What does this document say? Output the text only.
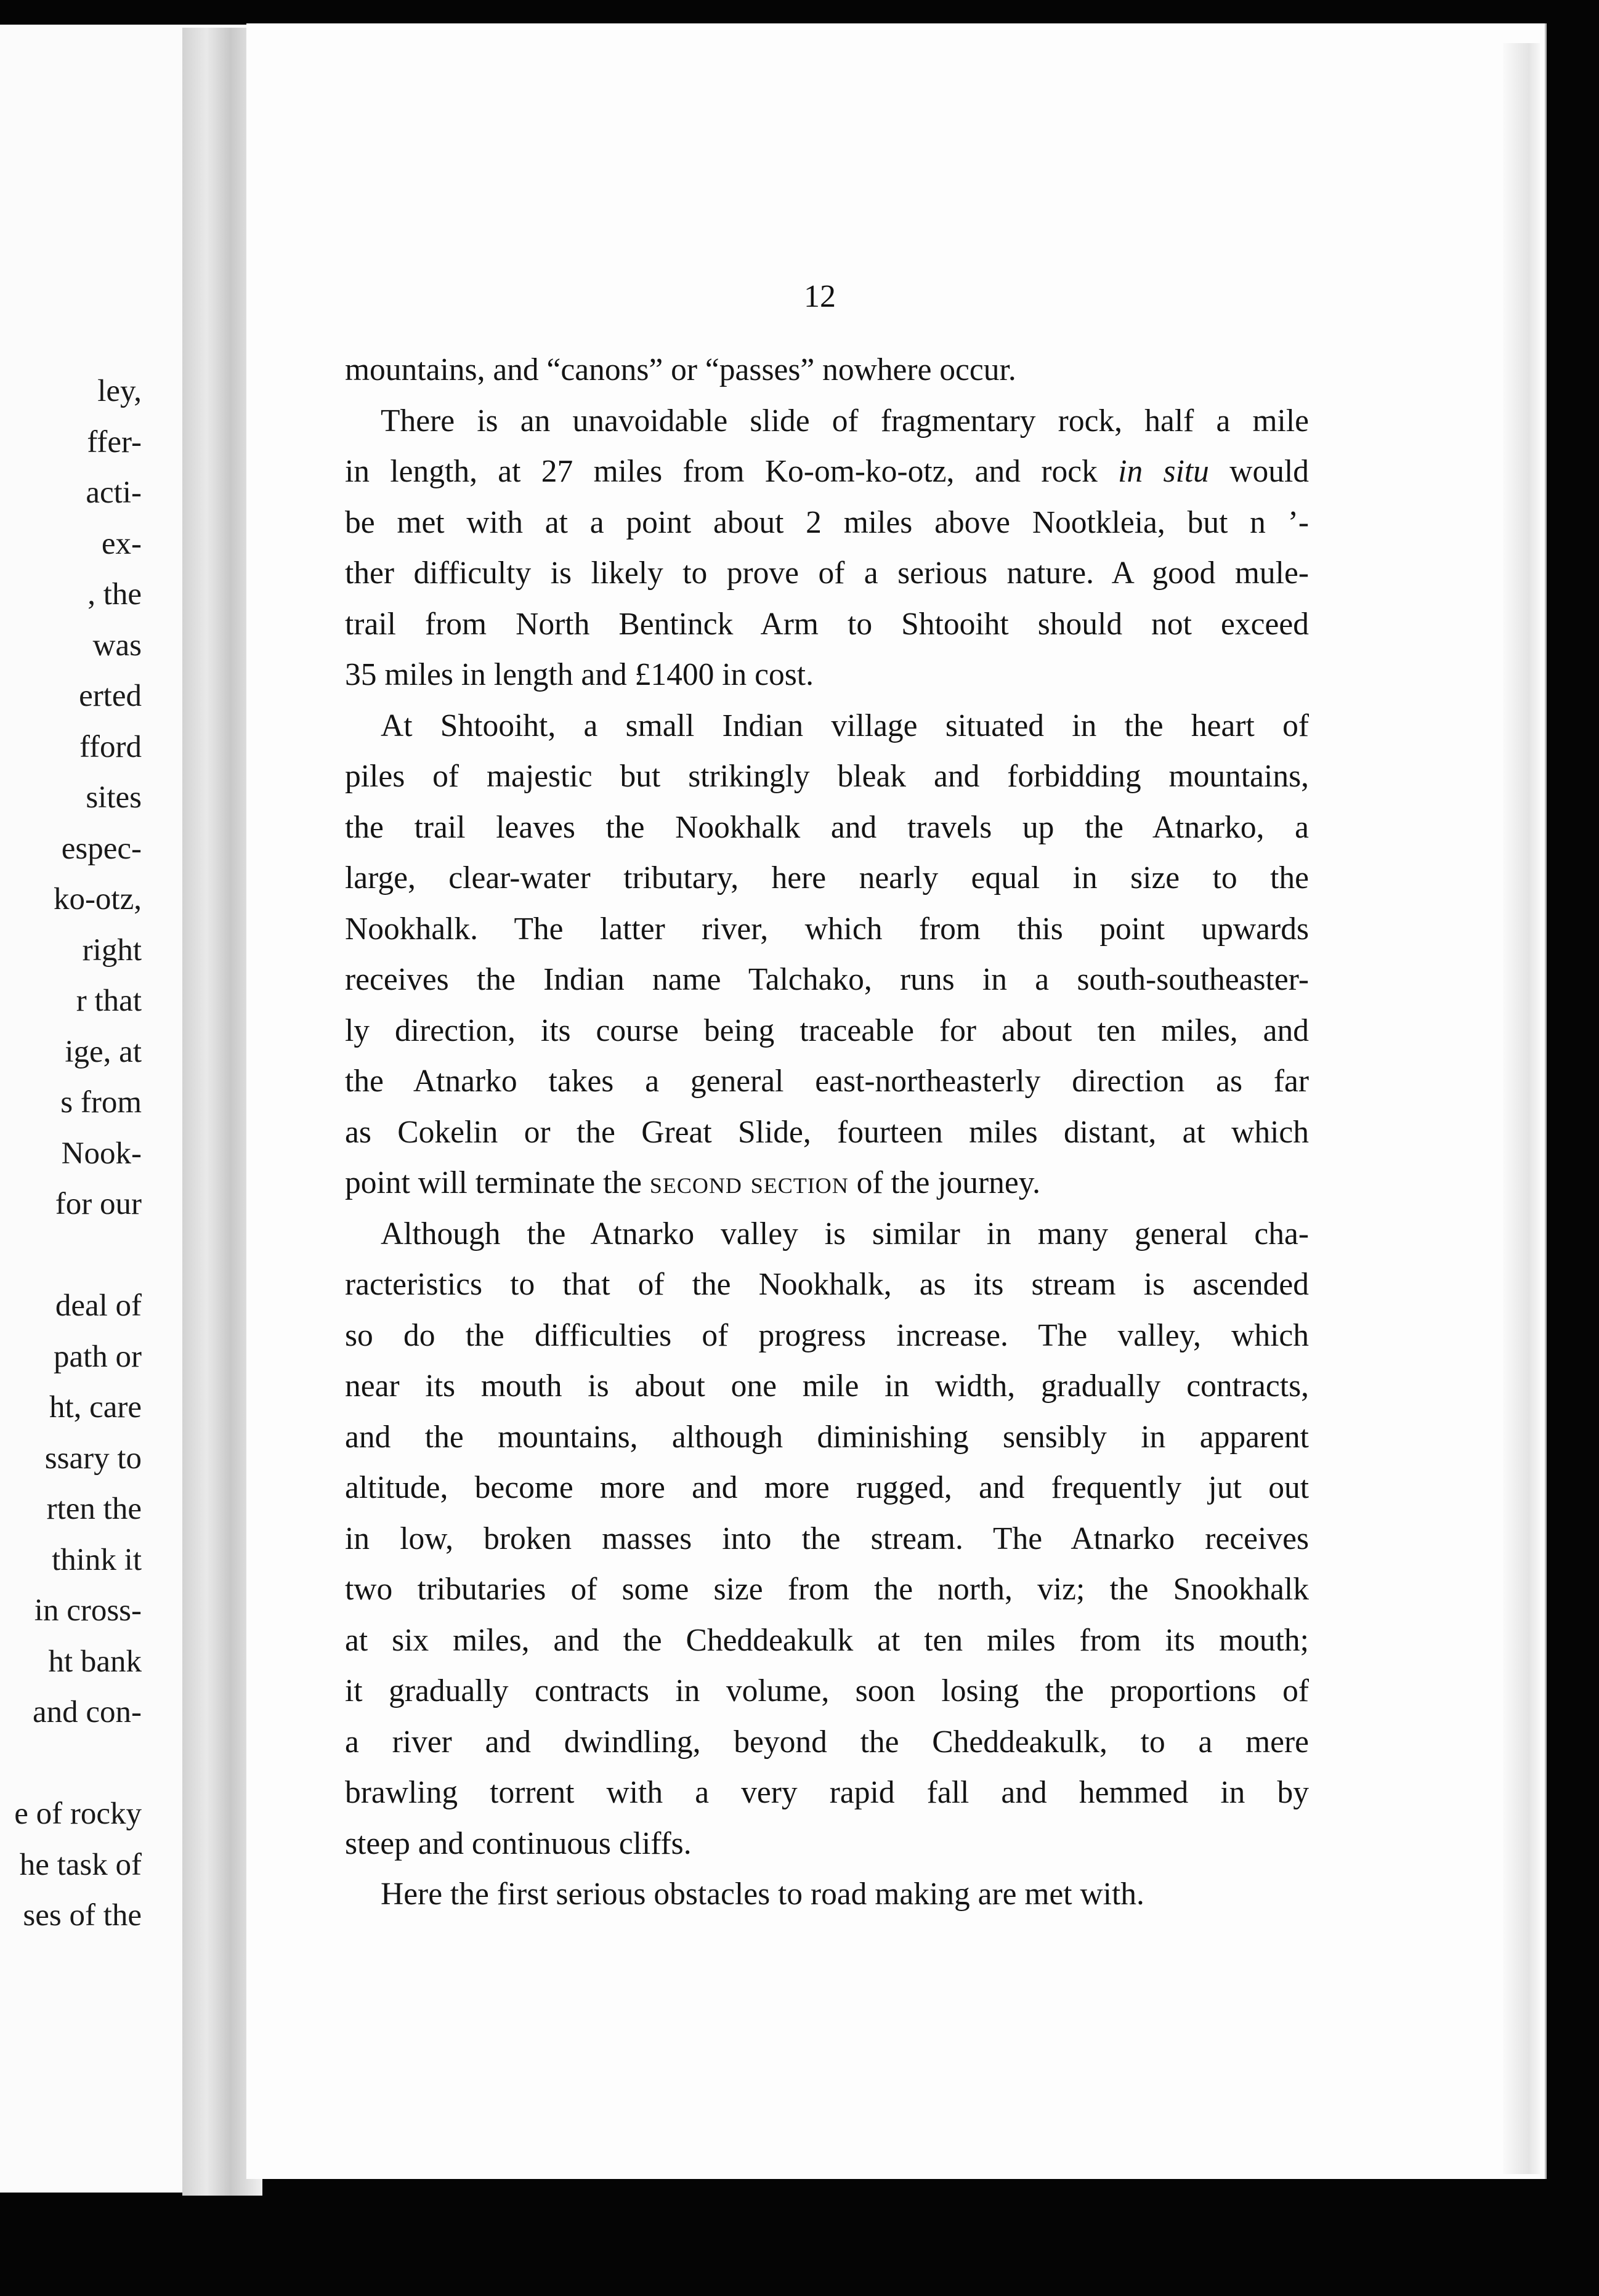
ley,
ffer-
acti-
ex-
, the
was
erted
fford
sites
espec-
ko-otz,
right
r that
ige, at
s from
Nook-
for our
deal of
path or
ht, care
ssary to
rten the
think it
in cross-
ht bank
and con-
e of rocky
he task of
ses of the
12
mountains, and “canons” or “passes” nowhere occur.
There is an unavoidable slide of fragmentary rock, half a mile
in length, at 27 miles from Ko-om-ko-otz, and rock in situ would
be met with at a point about 2 miles above Nootkleia, but n ’-
ther difficulty is likely to prove of a serious nature. A good mule-
trail from North Bentinck Arm to Shtooiht should not exceed
35 miles in length and £1400 in cost.
At Shtooiht, a small Indian village situated in the heart of
piles of majestic but strikingly bleak and forbidding mountains,
the trail leaves the Nookhalk and travels up the Atnarko, a
large, clear-water tributary, here nearly equal in size to the
Nookhalk. The latter river, which from this point upwards
receives the Indian name Talchako, runs in a south-southeaster-
ly direction, its course being traceable for about ten miles, and
the Atnarko takes a general east-northeasterly direction as far
as Cokelin or the Great Slide, fourteen miles distant, at which
point will terminate the second section of the journey.
Although the Atnarko valley is similar in many general cha-
racteristics to that of the Nookhalk, as its stream is ascended
so do the difficulties of progress increase. The valley, which
near its mouth is about one mile in width, gradually contracts,
and the mountains, although diminishing sensibly in apparent
altitude, become more and more rugged, and frequently jut out
in low, broken masses into the stream. The Atnarko receives
two tributaries of some size from the north, viz; the Snookhalk
at six miles, and the Cheddeakulk at ten miles from its mouth;
it gradually contracts in volume, soon losing the proportions of
a river and dwindling, beyond the Cheddeakulk, to a mere
brawling torrent with a very rapid fall and hemmed in by
steep and continuous cliffs.
Here the first serious obstacles to road making are met with.
